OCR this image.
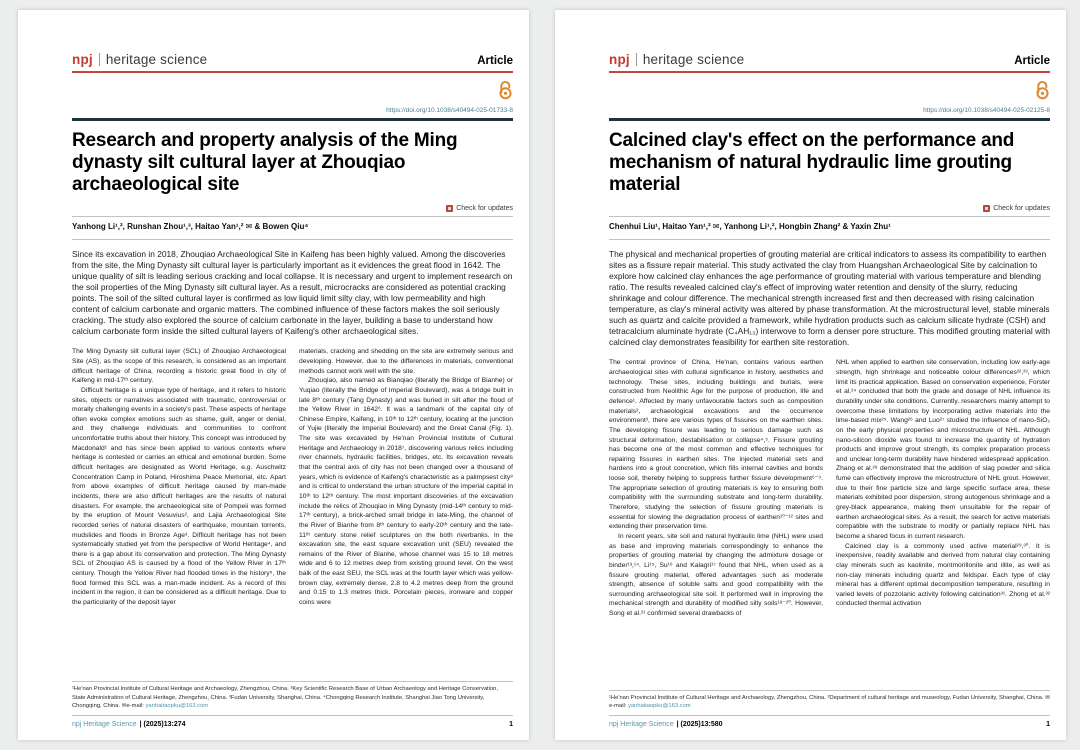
npj heritage science	Article
https://doi.org/10.1038/s40494-025-01733-8
Research and property analysis of the Ming dynasty silt cultural layer at Zhouqiao archaeological site
Check for updates
Yanhong Li¹,², Runshan Zhou¹,³, Haitao Yan¹,² ✉ & Bowen Qiu⁴

Since its excavation in 2018, Zhouqiao Archaeological Site in Kaifeng has been highly valued. Among the discoveries from the site, the Ming Dynasty silt cultural layer is particularly important as it evidences the great flood in 1642. The unique quality of silt is leading serious cracking and local collapse. It is necessary and urgent to implement research on the soil properties of the Ming Dynasty silt cultural layer. As a result, microcracks are considered as potential cracking points. The soil of the silted cultural layer is confirmed as low liquid limit silty clay, with low permeability and high content of calcium carbonate and organic matters. The combined influence of these factors makes the soil seriously cracking. The study also explored the source of calcium carbonate in the layer, building a base to understand how calcium carbonate form inside the silted cultural layers of Kaifeng's other archaeological sites.

The Ming Dynasty silt cultural layer (SCL) of Zhouqiao Archaeological Site (AS), as the scope of this research, is considered as an important difficult heritage of China, recording a historic great flood in city of Kaifeng in mid-17ᵗʰ century.

Difficult heritage is a unique type of heritage, and it refers to historic sites, objects or narratives associated with traumatic, controversial or morally challenging events in a society's past. These aspects of heritage often evoke complex emotions such as shame, guilt, anger or denial, and they challenge individuals and communities to confront uncomfortable truths about their history. This concept was introduced by Macdonald¹ and has since been applied to various contexts where heritage is contested or carries an ethical and emotional burden. Some difficult heritages are designated as World Heritage, e.g. Auschwitz Concentration Camp in Poland, Hiroshima Peace Memorial, etc. Apart from above examples of difficult heritage caused by man-made incidents, there are also difficult heritages are the results of natural disasters. For example, the archaeological site of Pompeii was formed by the eruption of Mount Vesuvius², and Lajia Archaeological Site recorded series of natural disasters of earthquake, mountain torrents, mudslides and floods in Bronze Age³. Difficult heritage has not been systematically studied yet from the perspective of World Heritage⁴, and there is a gap about its conservation and protection. The Ming Dynasty SCL of Zhouqiao AS is caused by a flood of the Yellow River in 17ᵗʰ century. Though the Yellow River had flooded times in the history⁵, the flood formed this SCL was a man-made incident. As a record of this incident in the region, it can be considered as a difficult heritage. Due to the particularity of the deposit layer

materials, cracking and shedding on the site are extremely serious and developing. However, due to the differences in materials, conventional methods cannot work well with the site.

Zhouqiao, also named as Bianqiao (literally the Bridge of Bianhe) or Yuqiao (literally the Bridge of Imperial Boulevard), was a bridge built in late 8ᵗʰ century (Tang Dynasty) and was buried in silt after the flood of the Yellow River in 1642⁶. It was a landmark of the capital city of Chinese Empire, Kaifeng, in 10ᵗʰ to 12ᵗʰ century, locating at the junction of Yujie (literally the Imperial Boulevard) and the Great Canal (Fig. 1). The site was excavated by He'nan Provincial Institute of Cultural Heritage and Archaeology in 2018⁷, discovering various relics including river channels, hydraulic facilities, bridges, etc. Its excavation reveals that the central axis of city has not been changed over a thousand of years, which is evidence of Kaifeng's characteristic as a palimpsest city⁸ and is critical to understand the urban structure of the imperial capital in 10ᵗʰ to 12ᵗʰ century. The most important discoveries of the excavation include the relics of Zhouqiao in Ming Dynasty (mid-14ᵗʰ century to mid-17ᵗʰ century), a brick-arched small bridge in late-Ming, the channel of the River of Bianhe from 8ᵗʰ century to early-20ᵗʰ century and the late-11ᵗʰ century stone relief sculptures on the both riverbanks. In the excavation site, the east square excavation unit (SEU) revealed the remains of the River of Bianhe, whose channel was 15 to 18 metres wide and 6 to 12 metres deep from existing ground level. On the west balk of the east SEU, the SCL was at the fourth layer which was yellow-brown clay, extremely dense, 2.8 to 4.2 metres deep from the ground and 0.15 to 1.3 metres thick. Porcelain pieces, ironware and copper coins were

¹He'nan Provincial Institute of Cultural Heritage and Archaeology, Zhengzhou, China. ²Key Scientific Research Base of Urban Archaeology and Heritage Conservation, State Administration of Cultural Heritage, Zhengzhou, China. ³Fudan University, Shanghai, China. ⁴Chongqing Research Institute, Shanghai Jiao Tong University, Chongqing, China. ✉e-mail: yanhaitaopku@163.com

npj Heritage Science | (2025)13:274	1
npj heritage science	Article
https://doi.org/10.1038/s40494-025-02125-8
Calcined clay's effect on the performance and mechanism of natural hydraulic lime grouting material
Check for updates
Chenhui Liu¹, Haitao Yan¹,² ✉, Yanhong Li¹,², Hongbin Zhang² & Yaxin Zhu¹

The physical and mechanical properties of grouting material are critical indicators to assess its compatibility to earthen sites as a fissure repair material. This study activated the clay from Huangshan Archaeological Site by calcination to explore how calcined clay enhances the age performance of grouting material with various temperature and blending ratio. The results revealed calcined clay's effect of improving water retention and density of the slurry, reducing shrinkage and colour difference. The mechanical strength increased first and then decreased with rising calcination temperature, as clay's mineral activity was altered by phase transformation. At the microstructural level, stable minerals such as quartz and calcite provided a framework, while hydration products such as calcium silicate hydrate (CSH) and tetracalcium aluminate hydrate (C₄AH₁₃) interwove to form a denser pore structure. This modified grouting material with calcined clay demonstrates feasibility for earthen site restoration.

The central province of China, He'nan, contains various earthen archaeological sites with cultural significance in history, aesthetics and technology. These sites, including buildings and burials, were constructed from Neolithic Age for the purpose of production, life and defence¹. Affected by many unfavourable factors such as composition materials², archaeological excavations and the occurrence environment³, there are various types of fissures on the earthen sites. The developing fissure was leading to serious damage such as structural deformation, destabilisation or collapse⁴,⁵. Fissure grouting has become one of the most common and effective techniques for repairing fissures in earthen sites. The injected material sets and hardens into a grout concretion, which fills internal cavities and bonds loose soil, thereby helping to suppress further fissure development⁶⁻⁹. The appropriate selection of grouting materials is key to ensuring both compatibility with the surrounding substrate and long-term durability. Therefore, studying the selection of fissure grouting materials is essential for slowing the degradation process of earthen¹⁰⁻¹² sites and extending their preservation time.

In recent years, site soil and natural hydraulic lime (NHL) were used as base and improving materials correspondingly to enhance the properties of grouting material by changing the admixture dosage or binder¹³,¹⁴. Li¹⁵, Su¹⁶ and Kalagri¹⁷ found that NHL, when used as a fissure grouting material, offered advantages such as moderate strength, absence of soluble salts and good compatibility with the surrounding archaeological site soil. It performed well in improving the mechanical strength and durability of modified silty soils¹⁸⁻²⁰. However, Song et al.²¹ confirmed several drawbacks of

NHL when applied to earthen site conservation, including low early-age strength, high shrinkage and noticeable colour differences²²,²³, which limit its practical application. Based on conservation experience, Forster et al.²⁴ concluded that both the grade and dosage of NHL influence its durability under site conditions. Currently, researchers mainly attempt to overcome these limitations by incorporating active materials into the lime-based mix²⁵. Wang²⁶ and Luo²⁷ studied the influence of nano-SiO₂ on the early physical properties and microstructure of NHL. Although nano-silicon dioxide was found to increase the quantity of hydration products and improve grout strength, its complex preparation process and unclear long-term durability have hindered widespread application. Zhang et al.²⁸ demonstrated that the addition of slag powder and silica fume can effectively improve the microstructure of NHL grout. However, due to their fine particle size and large specific surface area, these materials exhibited poor dispersion, strong autogenous shrinkage and a grey-black appearance, making them unsuitable for the repair of earthen archaeological sites. As a result, the search for active materials compatible with the substrate to modify or partially replace NHL has become a shared focus in current research.

Calcined clay is a commonly used active material²⁹,³⁰. It is inexpensive, readily available and derived from natural clay containing clay minerals such as kaolinite, montmorillonite and illite, as well as non-clay minerals including quartz and feldspar. Each type of clay mineral has a different optimal decomposition temperature, resulting in varied levels of pozzolanic activity following calcination³¹. Zhong et al.³² conducted thermal activation

¹He'nan Provincial Institute of Cultural Heritage and Archaeology, Zhengzhou, China. ²Department of cultural heritage and museology, Fudan University, Shanghai, China. ✉e-mail: yanhaitaopku@163.com

npj Heritage Science | (2025)13:580	1
